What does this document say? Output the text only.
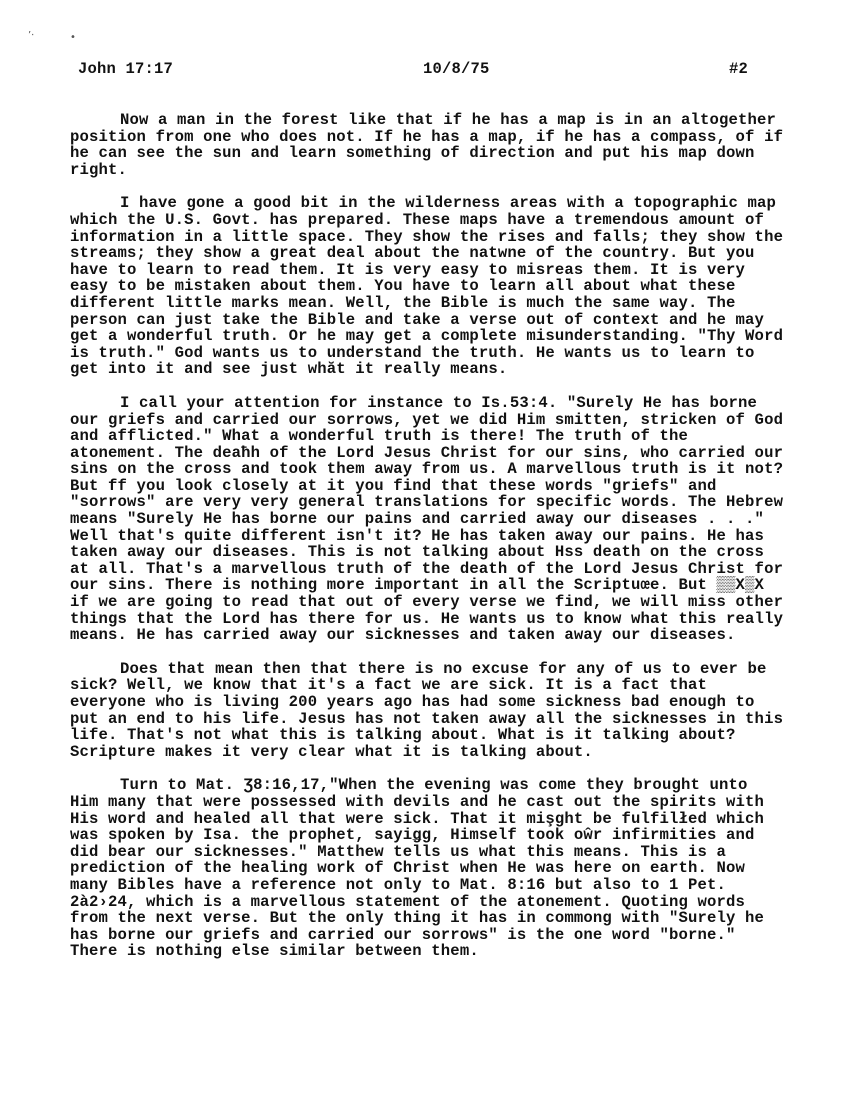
’⋅	•
John 17:17	10/8/75	#2

Now a man in the forest like that if he has a map is in an altogether position from one who does not. If he has a map, if he has a compass, of if he can see the sun and learn something of direction and put his map down right.

I have gone a good bit in the wilderness areas with a topographic map which the U.S. Govt. has prepared. These maps have a tremendous amount of information in a little space. They show the rises and falls; they show the streams; they show a great deal about the natwne of the country. But you have to learn to read them. It is very easy to misreas them. It is very easy to be mistaken about them. You have to learn all about what these different little marks mean. Well, the Bible is much the same way. The person can just take the Bible and take a verse out of context and he may get a wonderful truth. Or he may get a complete misunderstanding. "Thy Word is truth." God wants us to understand the truth. He wants us to learn to get into it and see just whăt it really means.

I call your attention for instance to Is.53:4. "Surely He has borne our griefs and carried our sorrows, yet we did Him smitten, stricken of God and afflicted." What a wonderful truth is there! The truth of the atonement. The deaħh of the Lord Jesus Christ for our sins, who carried our sins on the cross and took them away from us. A marvellous truth is it not? But ff you look closely at it you find that these words "griefs" and "sorrows" are very very general translations for specific words. The Hebrew means "Surely He has borne our pains and carried away our diseases . . ." Well that's quite different isn't it? He has taken away our pains. He has taken away our diseases. This is not talking about Hss death on the cross at all. That's a marvellous truth of the death of the Lord Jesus Christ for our sins. There is nothing more important in all the Scriptuœe. But ▒▒X▒X if we are going to read that out of every verse we find, we will miss other things that the Lord has there for us. He wants us to know what this really means. He has carried away our sicknesses and taken away our diseases.

Does that mean then that there is no excuse for any of us to ever be sick? Well, we know that it's a fact we are sick. It is a fact that everyone who is living 200 years ago has had some sickness bad enough to put an end to his life. Jesus has not taken away all the sicknesses in this life. That's not what this is talking about. What is it talking about? Scripture makes it very clear what it is talking about.

Turn to Mat. Ʒ8:16,17,"When the evening was come they brought unto Him many that were possessed with devils and he cast out the spirits with His word and healed all that were sick. That it mişght be fulfilłed which was spoken by Isa. the prophet, sayiǥg, Himself took oŵr infirmities and did bear our sicknesses." Matthew tells us what this means. This is a prediction of the healing work of Christ when He was here on earth. Now many Bibles have a reference not only to Mat. 8:16 but also to 1 Pet. 2à2›24, which is a marvellous statement of the atonement. Quoting words from the next verse. But the only thing it has in commong with "Surely he has borne our griefs and carried our sorrows" is the one word "borne." There is nothing else similar between them.
